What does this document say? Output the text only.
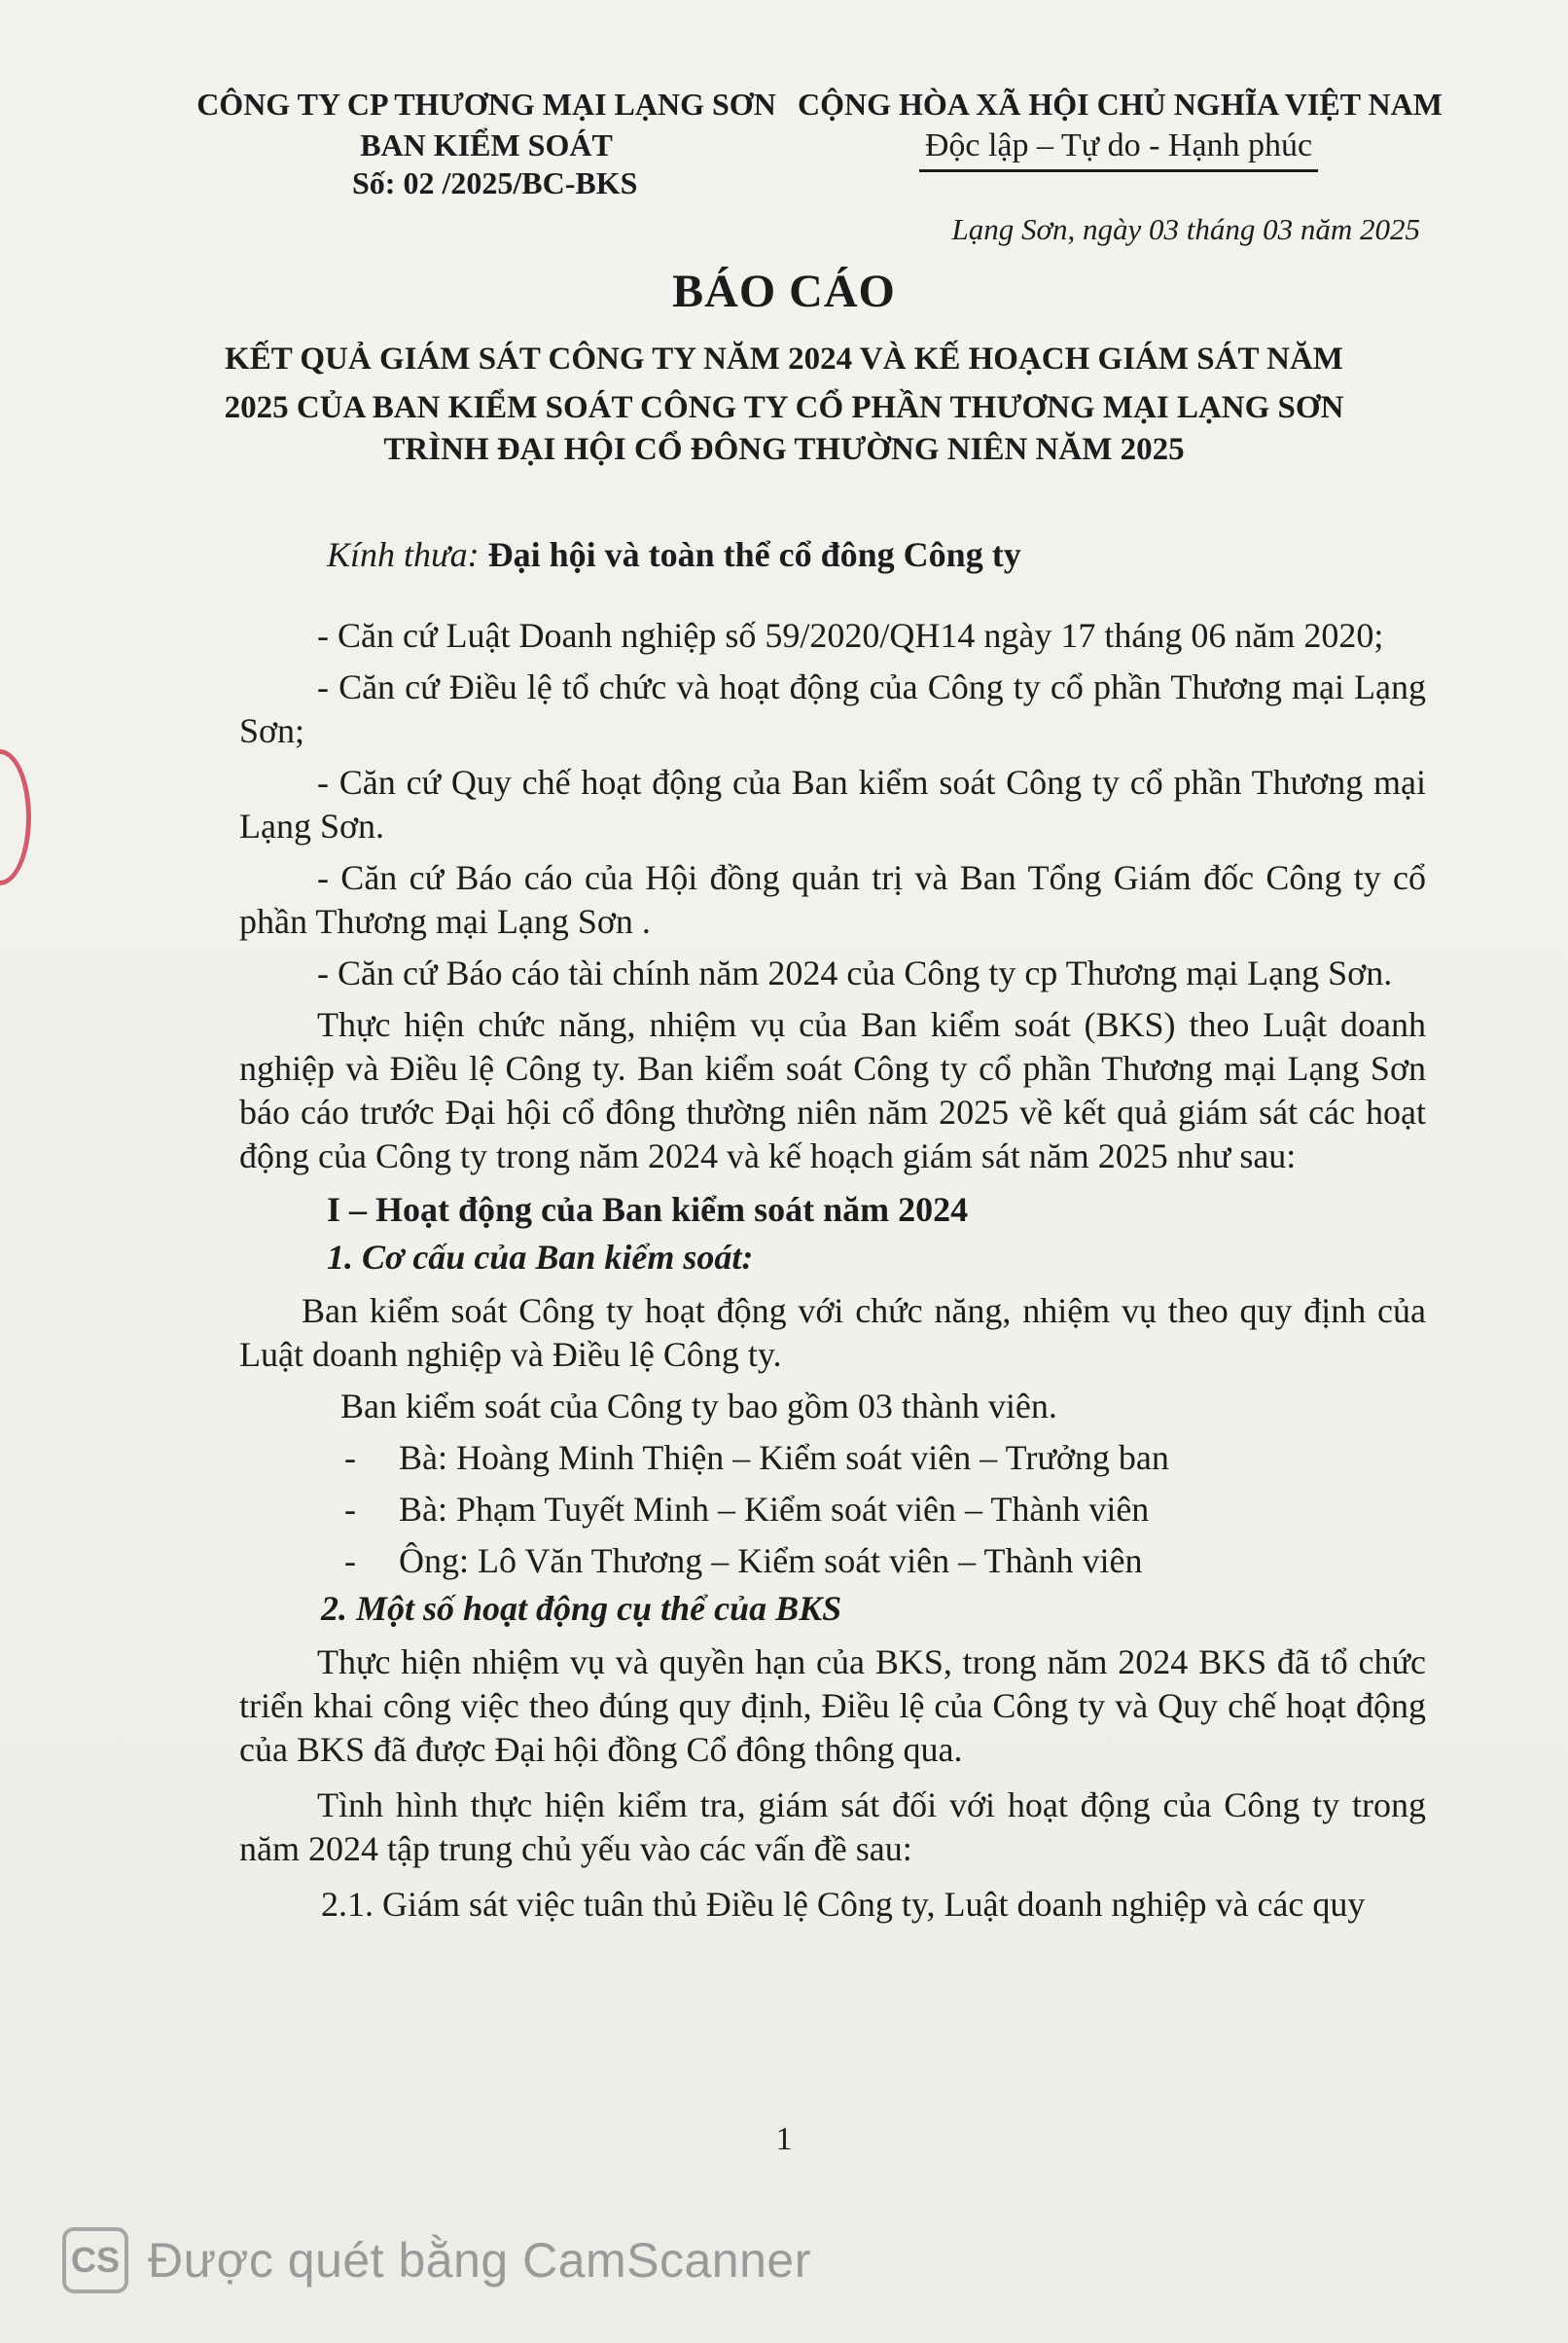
CÔNG TY CP THƯƠNG MẠI LẠNG SƠN
BAN KIỂM SOÁT
Số: 02 /2025/BC-BKS
CỘNG HÒA XÃ HỘI CHỦ NGHĨA VIỆT NAM
Độc lập – Tự do - Hạnh phúc
Lạng Sơn, ngày 03 tháng 03 năm 2025
BÁO CÁO
KẾT QUẢ GIÁM SÁT CÔNG TY NĂM 2024 VÀ KẾ HOẠCH GIÁM SÁT NĂM
2025 CỦA BAN KIỂM SOÁT CÔNG TY CỔ PHẦN THƯƠNG MẠI LẠNG SƠN
TRÌNH ĐẠI HỘI CỔ ĐÔNG THƯỜNG NIÊN NĂM 2025

Kính thưa: Đại hội và toàn thể cổ đông Công ty

- Căn cứ Luật Doanh nghiệp số 59/2020/QH14 ngày 17 tháng 06 năm 2020;

- Căn cứ Điều lệ tổ chức và hoạt động của Công ty cổ phần Thương mại Lạng Sơn;

- Căn cứ Quy chế hoạt động của Ban kiểm soát Công ty cổ phần Thương mại Lạng Sơn.

- Căn cứ Báo cáo của Hội đồng quản trị và Ban Tổng Giám đốc Công ty cổ phần Thương mại Lạng Sơn .

- Căn cứ Báo cáo tài chính năm 2024 của Công ty cp Thương mại Lạng Sơn.

Thực hiện chức năng, nhiệm vụ của Ban kiểm soát (BKS) theo Luật doanh nghiệp và Điều lệ Công ty. Ban kiểm soát Công ty cổ phần Thương mại Lạng Sơn báo cáo trước Đại hội cổ đông thường niên năm 2025 về kết quả giám sát các hoạt động của Công ty trong năm 2024 và kế hoạch giám sát năm 2025 như sau:

I – Hoạt động của Ban kiểm soát năm 2024

1. Cơ cấu của Ban kiểm soát:

Ban kiểm soát Công ty hoạt động với chức năng, nhiệm vụ theo quy định của Luật doanh nghiệp và Điều lệ Công ty.

Ban kiểm soát của Công ty bao gồm 03 thành viên.

- Bà: Hoàng Minh Thiện – Kiểm soát viên – Trưởng ban

- Bà: Phạm Tuyết Minh – Kiểm soát viên – Thành viên

- Ông: Lô Văn Thương – Kiểm soát viên – Thành viên

2. Một số hoạt động cụ thể của BKS

Thực hiện nhiệm vụ và quyền hạn của BKS, trong năm 2024 BKS đã tổ chức triển khai công việc theo đúng quy định, Điều lệ của Công ty và Quy chế hoạt động của BKS đã được Đại hội đồng Cổ đông thông qua.

Tình hình thực hiện kiểm tra, giám sát đối với hoạt động của Công ty trong năm 2024 tập trung chủ yếu vào các vấn đề sau:

2.1. Giám sát việc tuân thủ Điều lệ Công ty, Luật doanh nghiệp và các quy

1
CS Được quét bằng CamScanner
